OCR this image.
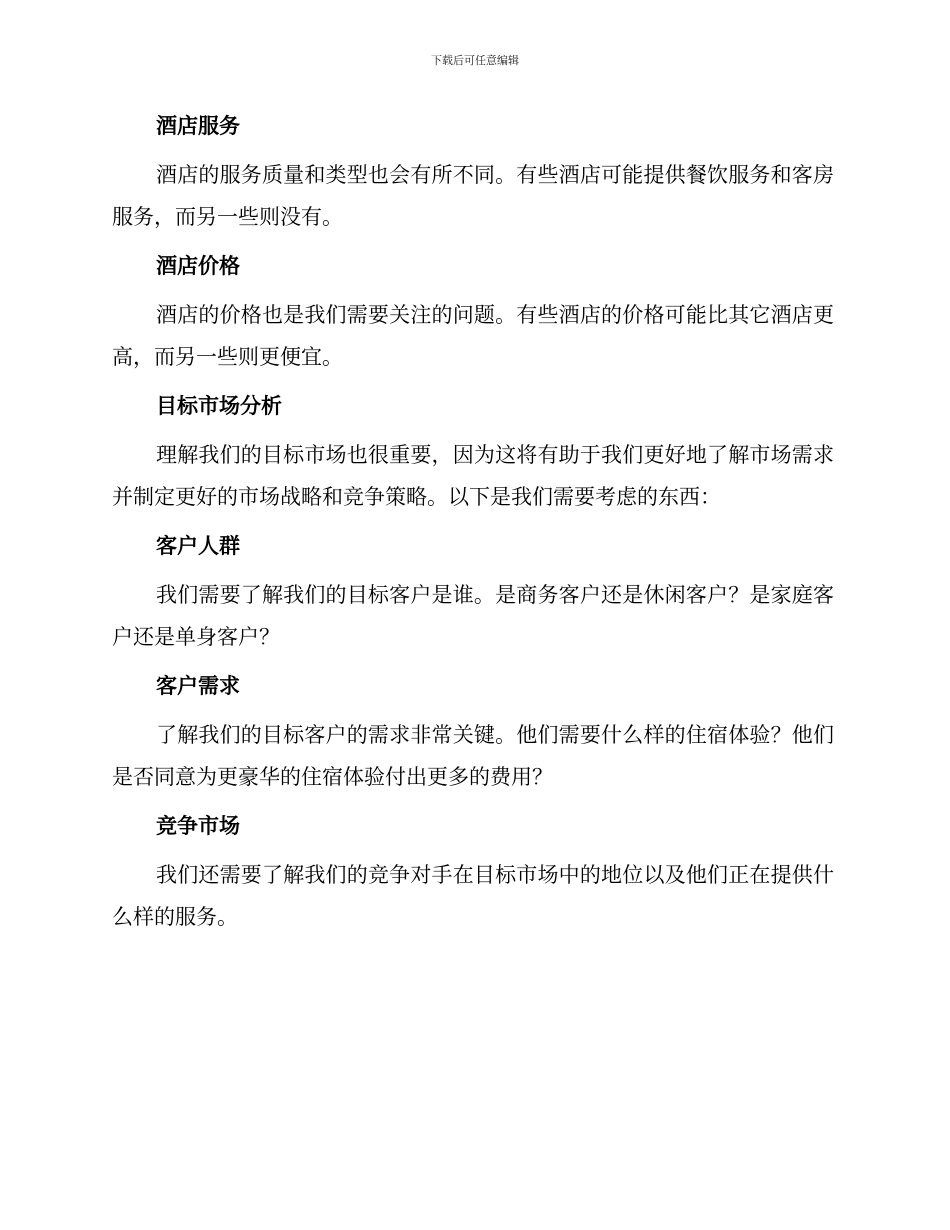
下载后可任意编辑
酒店服务

酒店的服务质量和类型也会有所不同。有些酒店可能提供餐饮服务和客房服务，而另一些则没有。

酒店价格

酒店的价格也是我们需要关注的问题。有些酒店的价格可能比其它酒店更高，而另一些则更便宜。

目标市场分析

理解我们的目标市场也很重要，因为这将有助于我们更好地了解市场需求并制定更好的市场战略和竞争策略。以下是我们需要考虑的东西：

客户人群

我们需要了解我们的目标客户是谁。是商务客户还是休闲客户？是家庭客户还是单身客户？

客户需求

了解我们的目标客户的需求非常关键。他们需要什么样的住宿体验？他们是否同意为更豪华的住宿体验付出更多的费用？

竞争市场

我们还需要了解我们的竞争对手在目标市场中的地位以及他们正在提供什么样的服务。
